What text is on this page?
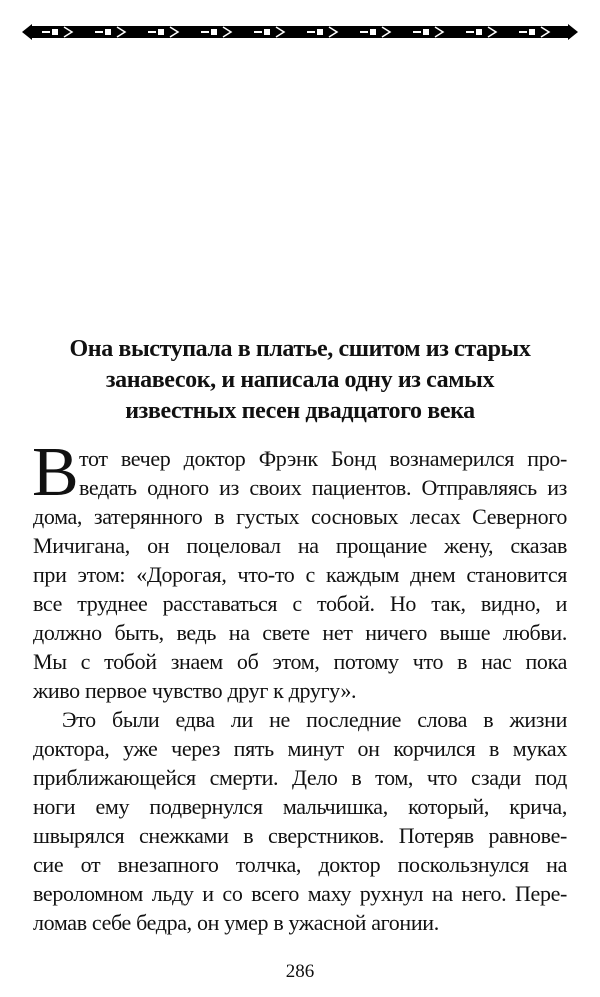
Она выступала в платье, сшитом из старых
занавесок, и написала одну из самых
известных песен двадцатого века
В тот вечер доктор Фрэнк Бонд вознамерился про-
ведать одного из своих пациентов. Отправляясь из
дома, затерянного в густых сосновых лесах Северного
Мичигана, он поцеловал на прощание жену, сказав
при этом: «Дорогая, что-то с каждым днем становится
все труднее расставаться с тобой. Но так, видно, и
должно быть, ведь на свете нет ничего выше любви.
Мы с тобой знаем об этом, потому что в нас пока
живо первое чувство друг к другу».
Это были едва ли не последние слова в жизни
доктора, уже через пять минут он корчился в муках
приближающейся смерти. Дело в том, что сзади под
ноги ему подвернулся мальчишка, который, крича,
швырялся снежками в сверстников. Потеряв равнове-
сие от внезапного толчка, доктор поскользнулся на
вероломном льду и со всего маху рухнул на него. Пере-
ломав себе бедра, он умер в ужасной агонии.
286
